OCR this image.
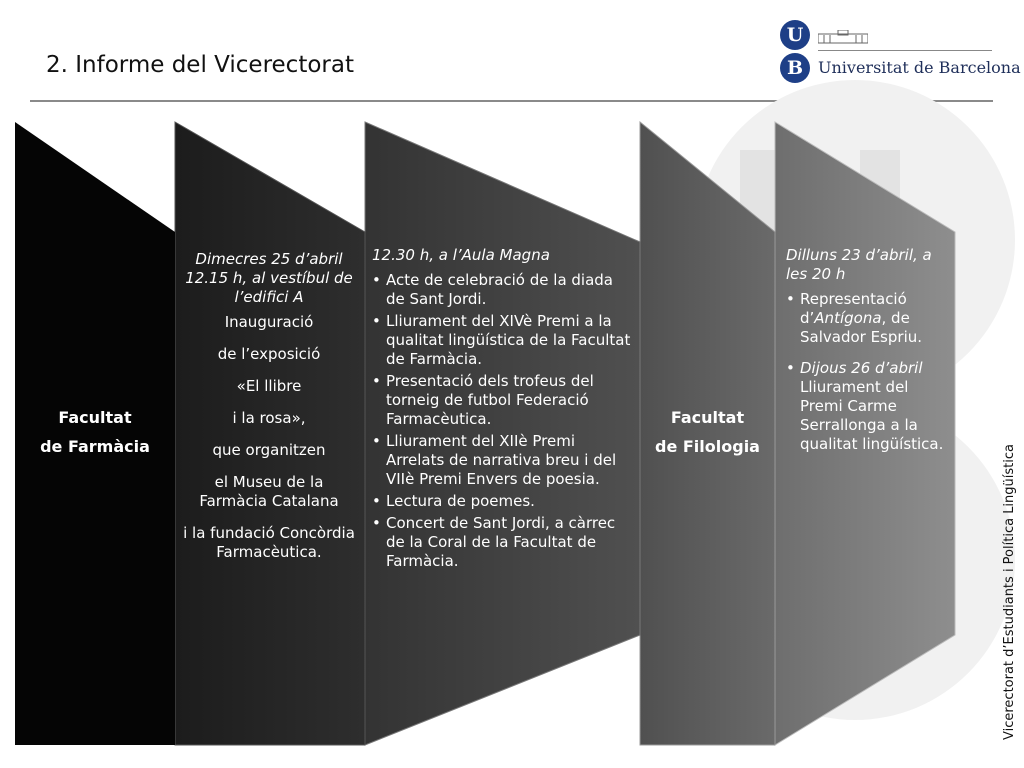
2. Informe del Vicerectorat
U
B Universitat de Barcelona
Facultat
de Farmàcia
Dimecres 25 d’abril 12.15 h, al vestíbul de l’edifici A
Inauguració
de l’exposició
«El llibre
i la rosa»,
que organitzen
el Museu de la Farmàcia Catalana
i la fundació Concòrdia Farmacèutica.
12.30 h, a l’Aula Magna
• Acte de celebració de la diada de Sant Jordi.
• Lliurament del XIVè Premi a la qualitat lingüística de la Facultat de Farmàcia.
• Presentació dels trofeus del torneig de futbol Federació Farmacèutica.
• Lliurament del XIIè Premi Arrelats de narrativa breu i del VIIè Premi Envers de poesia.
• Lectura de poemes.
• Concert de Sant Jordi, a càrrec de la Coral de la Facultat de Farmàcia.
Facultat
de Filologia
Dilluns 23 d’abril, a les 20 h
• Representació d’Antígona, de Salvador Espriu.
• Dijous 26 d’abril Lliurament del Premi Carme Serrallonga a la qualitat lingüística.	Vicerectorat d’Estudiants i Política Lingüística
